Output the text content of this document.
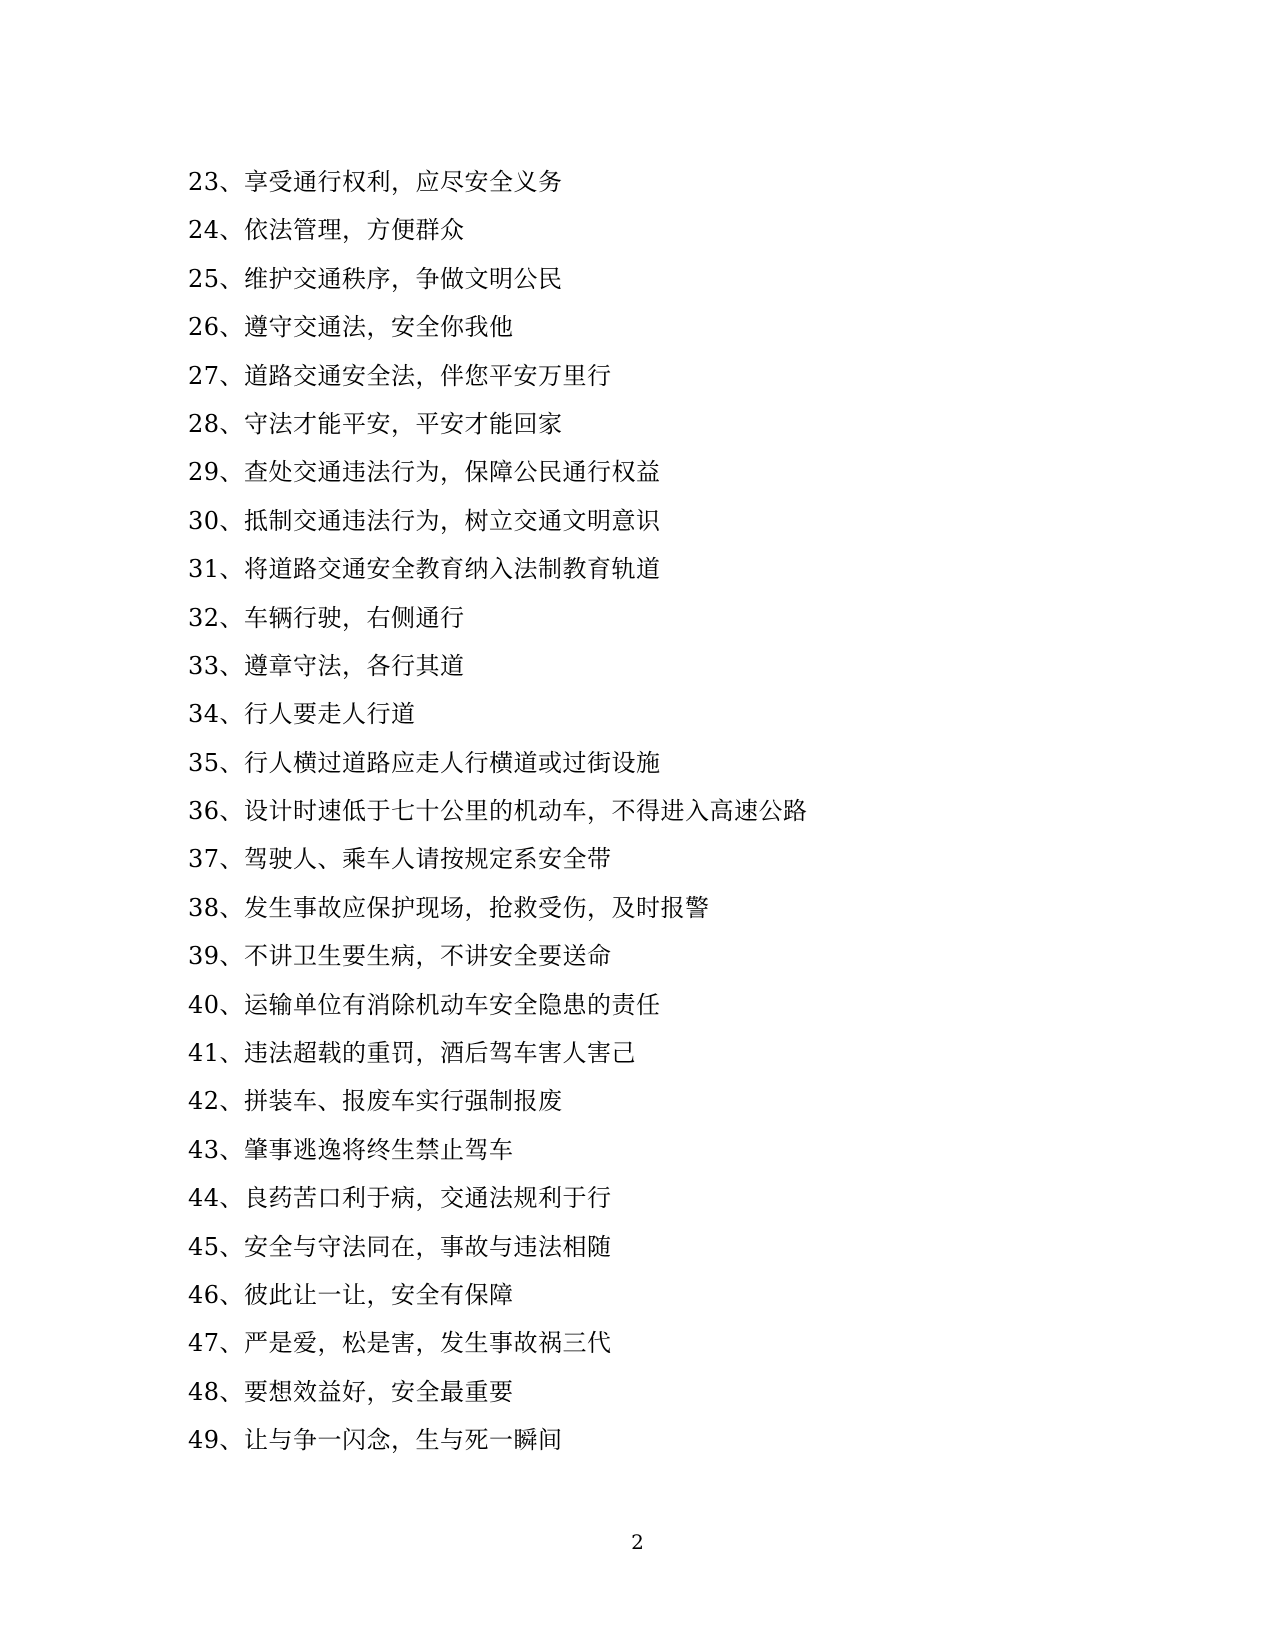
23、享受通行权利，应尽安全义务
24、依法管理，方便群众
25、维护交通秩序，争做文明公民
26、遵守交通法，安全你我他
27、道路交通安全法，伴您平安万里行
28、守法才能平安，平安才能回家
29、查处交通违法行为，保障公民通行权益
30、抵制交通违法行为，树立交通文明意识
31、将道路交通安全教育纳入法制教育轨道
32、车辆行驶，右侧通行
33、遵章守法，各行其道
34、行人要走人行道
35、行人横过道路应走人行横道或过街设施
36、设计时速低于七十公里的机动车，不得进入高速公路
37、驾驶人、乘车人请按规定系安全带
38、发生事故应保护现场，抢救受伤，及时报警
39、不讲卫生要生病，不讲安全要送命
40、运输单位有消除机动车安全隐患的责任
41、违法超载的重罚，酒后驾车害人害己
42、拼装车、报废车实行强制报废
43、肇事逃逸将终生禁止驾车
44、良药苦口利于病，交通法规利于行
45、安全与守法同在，事故与违法相随
46、彼此让一让，安全有保障
47、严是爱，松是害，发生事故祸三代
48、要想效益好，安全最重要
49、让与争一闪念，生与死一瞬间
2
